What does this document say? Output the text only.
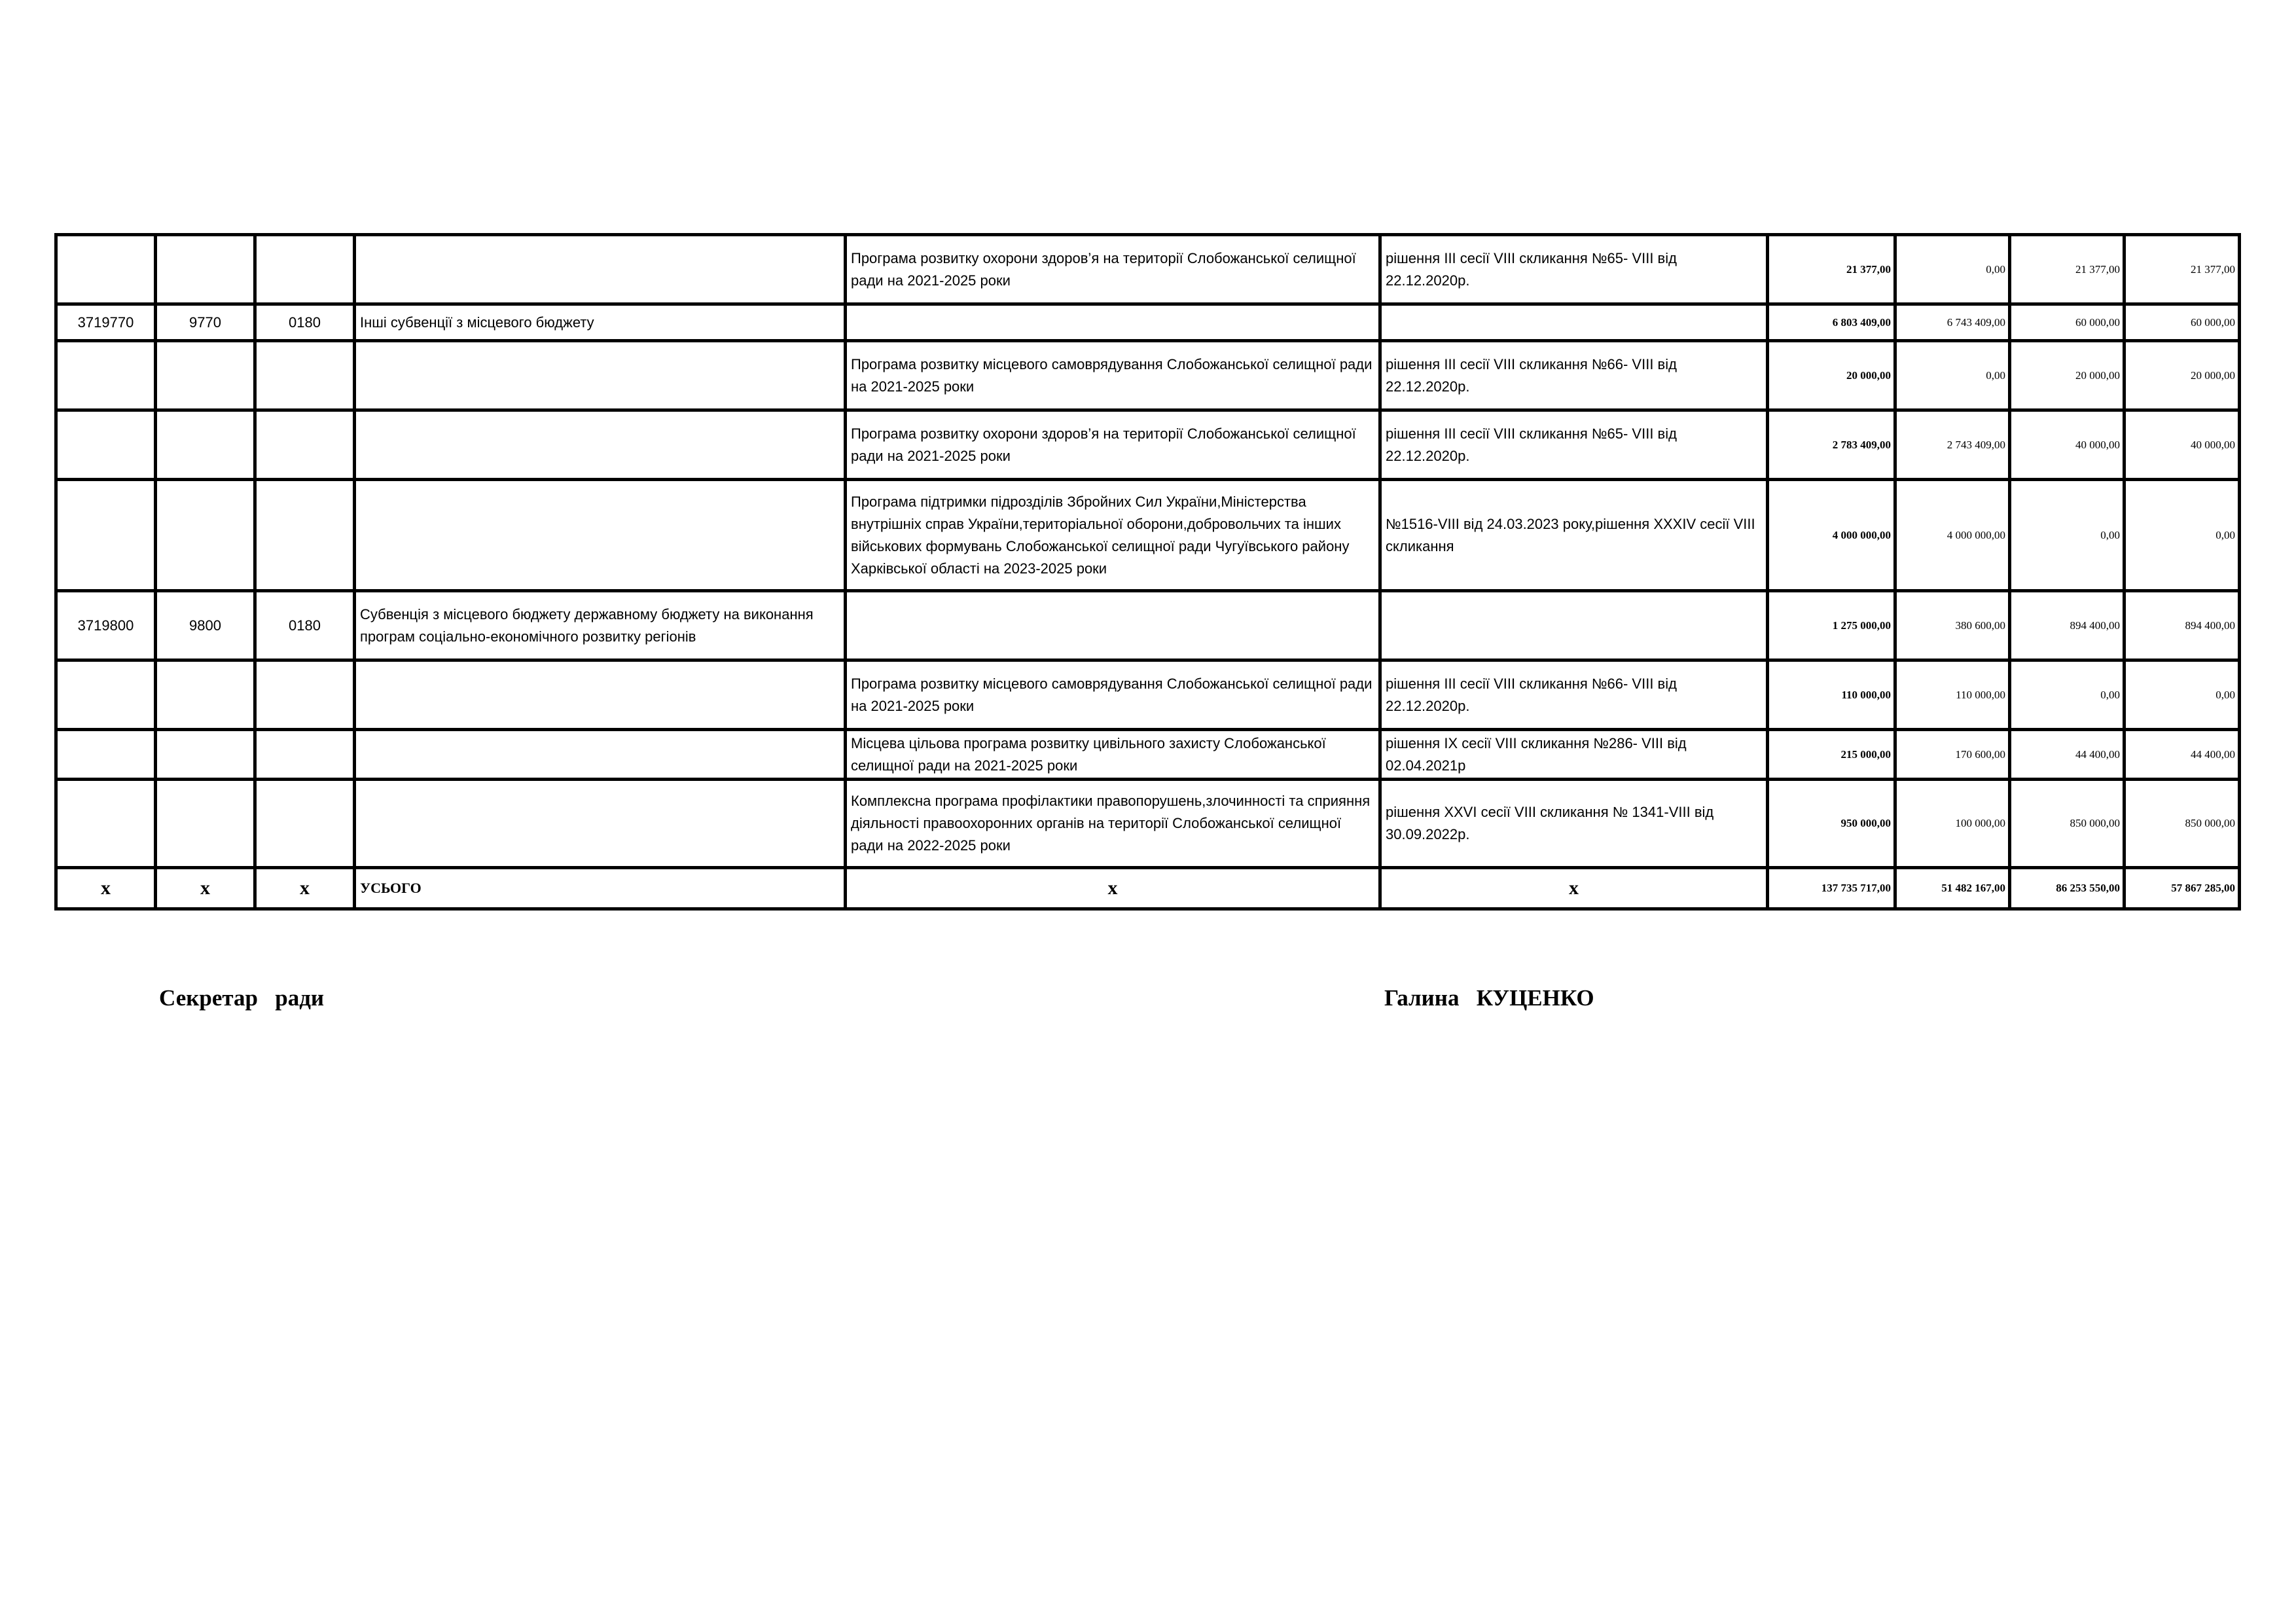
				Програма розвитку охорони здоров’я на території Слобожанської селищної ради на 2021-2025 роки	рішення ІІІ сесії VІІІ скликання №65- VІІІ від 22.12.2020р.	21 377,00	0,00	21 377,00	21 377,00
3719770	9770	0180	Інші субвенції з місцевого бюджету			6 803 409,00	6 743 409,00	60 000,00	60 000,00
				Програма розвитку місцевого самоврядування Слобожанської селищної ради на 2021-2025 роки	рішення ІІІ сесії VІІІ скликання №66- VІІІ від 22.12.2020р.	20 000,00	0,00	20 000,00	20 000,00
				Програма розвитку охорони здоров’я на території Слобожанської селищної ради на 2021-2025 роки	рішення ІІІ сесії VІІІ скликання №65- VІІІ від 22.12.2020р.	2 783 409,00	2 743 409,00	40 000,00	40 000,00
				Програма підтримки підрозділів Збройних Сил України,Міністерства внутрішніх справ України,територіальної оборони,добровольчих та інших військових формувань Слобожанської селищної ради Чугуївського району Харківської області на 2023-2025 роки	№1516-VIII від 24.03.2023 року,рішення ХХХІV сесії VІІІ скликання	4 000 000,00	4 000 000,00	0,00	0,00
3719800	9800	0180	Субвенція з місцевого бюджету державному бюджету на виконання програм соціально-економічного розвитку регіонів			1 275 000,00	380 600,00	894 400,00	894 400,00
				Програма розвитку місцевого самоврядування Слобожанської селищної ради на 2021-2025 роки	рішення ІІІ сесії VІІІ скликання №66- VІІІ від 22.12.2020р.	110 000,00	110 000,00	0,00	0,00
				Місцева цільова програма розвитку цивільного захисту Слобожанської селищної ради на 2021-2025 роки	рішення IX сесії VІІІ скликання №286- VІІІ від 02.04.2021р	215 000,00	170 600,00	44 400,00	44 400,00
				Комплексна програма профілактики правопорушень,злочинності та сприяння діяльності правоохоронних органів на території Слобожанської селищної ради на 2022-2025 роки	рішення ХXVI сесії VІІІ скликання № 1341-VІІІ від 30.09.2022р.	950 000,00	100 000,00	850 000,00	850 000,00
х	х	х	УСЬОГО	х	х	137 735 717,00	51 482 167,00	86 253 550,00	57 867 285,00
Секретар   ради	Галина   КУЦЕНКО
